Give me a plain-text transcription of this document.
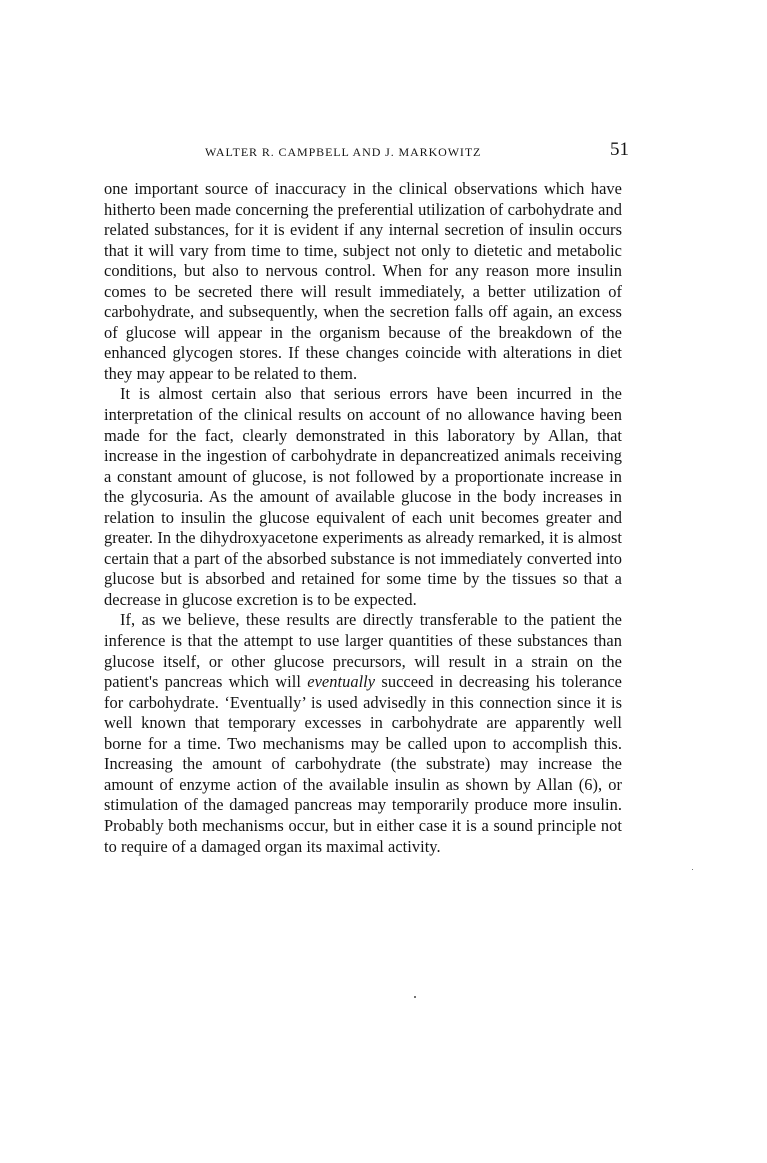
WALTER R. CAMPBELL AND J. MARKOWITZ	51

one important source of inaccuracy in the clinical observations which have hitherto been made concerning the preferential utilization of carbohydrate and related substances, for it is evident if any internal secretion of insulin occurs that it will vary from time to time, subject not only to dietetic and metabolic conditions, but also to nervous control. When for any reason more insulin comes to be secreted there will result immediately, a better utilization of carbohydrate, and subsequently, when the secretion falls off again, an excess of glucose will appear in the organism because of the breakdown of the enhanced glycogen stores. If these changes coincide with alterations in diet they may appear to be related to them.

It is almost certain also that serious errors have been incurred in the interpretation of the clinical results on account of no allowance having been made for the fact, clearly demonstrated in this laboratory by Allan, that increase in the ingestion of carbohydrate in depancreatized animals receiving a constant amount of glucose, is not followed by a proportionate increase in the glycosuria. As the amount of available glucose in the body increases in relation to insulin the glucose equivalent of each unit becomes greater and greater. In the dihydroxyacetone experiments as already remarked, it is almost certain that a part of the absorbed substance is not immediately converted into glucose but is absorbed and retained for some time by the tissues so that a decrease in glucose excretion is to be expected.

If, as we believe, these results are directly transferable to the patient the inference is that the attempt to use larger quantities of these substances than glucose itself, or other glucose precursors, will result in a strain on the patient's pancreas which will eventually succeed in decreasing his tolerance for carbohydrate. ‘Eventually’ is used advisedly in this connection since it is well known that temporary excesses in carbohydrate are apparently well borne for a time. Two mechanisms may be called upon to accomplish this. Increasing the amount of carbohydrate (the substrate) may increase the amount of enzyme action of the available insulin as shown by Allan (6), or stimulation of the damaged pancreas may temporarily produce more insulin. Probably both mechanisms occur, but in either case it is a sound principle not to require of a damaged organ its maximal activity.
